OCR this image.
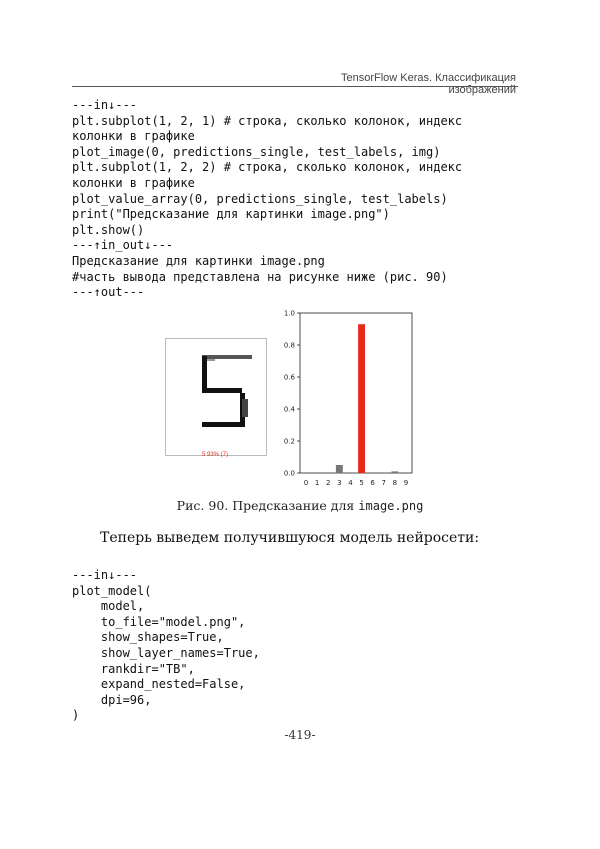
TensorFlow Keras. Классификация изображений
---in↓---
plt.subplot(1, 2, 1) # строка, сколько колонок, индекс
колонки в графике
plot_image(0, predictions_single, test_labels, img)
plt.subplot(1, 2, 2) # строка, сколько колонок, индекс
колонки в графике
plot_value_array(0, predictions_single, test_labels)
print("Предсказание для картинки image.png")
plt.show()
---↑in_out↓---
Предсказание для картинки image.png
#часть вывода представлена на рисунке ниже (рис. 90)
---↑out---
5 93% (7)
0.0
0.2
0.4
0.6
0.8
1.0
0 1 2 3 4 5 6 7 8 9
Рис. 90. Предсказание для image.png
Теперь выведем получившуюся модель нейросети:
---in↓---
plot_model(
model,
to_file="model.png",
show_shapes=True,
show_layer_names=True,
rankdir="TB",
expand_nested=False,
dpi=96,
)
-419-
